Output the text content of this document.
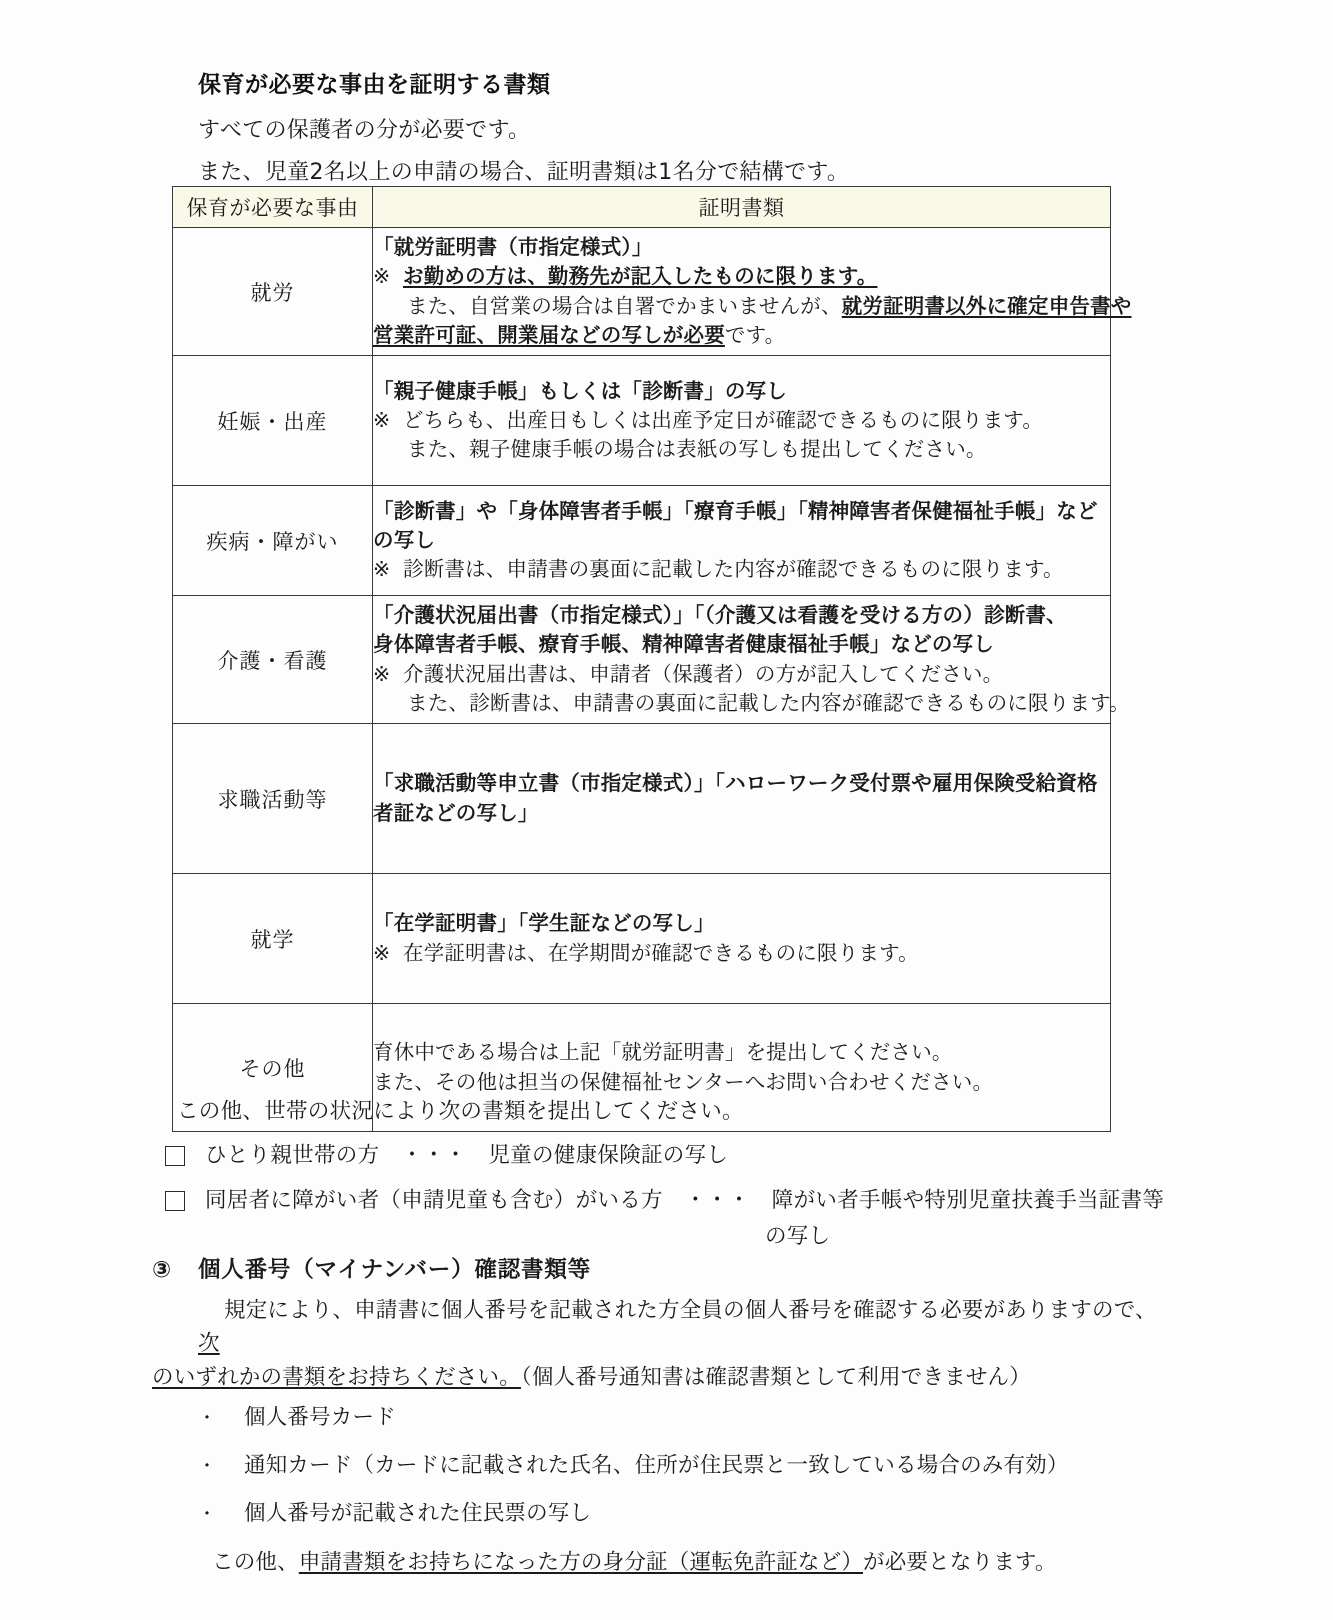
保育が必要な事由を証明する書類
すべての保護者の分が必要です。
また、児童2名以上の申請の場合、証明書類は1名分で結構です。
保育が必要な事由	証明書類
就労	「就労証明書（市指定様式）」
※ お勤めの方は、勤務先が記入したものに限ります。
また、自営業の場合は自署でかまいませんが、就労証明書以外に確定申告書や
営業許可証、開業届などの写しが必要です。

妊娠・出産	「親子健康手帳」もしくは「診断書」の写し
※ どちらも、出産日もしくは出産予定日が確認できるものに限ります。
また、親子健康手帳の場合は表紙の写しも提出してください。

疾病・障がい	「診断書」や「身体障害者手帳」「療育手帳」「精神障害者保健福祉手帳」など
の写し
※ 診断書は、申請書の裏面に記載した内容が確認できるものに限ります。

介護・看護	「介護状況届出書（市指定様式）」「（介護又は看護を受ける方の）診断書、
身体障害者手帳、療育手帳、精神障害者健康福祉手帳」などの写し
※ 介護状況届出書は、申請者（保護者）の方が記入してください。
また、診断書は、申請書の裏面に記載した内容が確認できるものに限ります。

求職活動等	「求職活動等申立書（市指定様式）」「ハローワーク受付票や雇用保険受給資格
者証などの写し」

就学	「在学証明書」「学生証などの写し」
※ 在学証明書は、在学期間が確認できるものに限ります。

その他	育休中である場合は上記「就労証明書」を提出してください。
また、その他は担当の保健福祉センターへお問い合わせください。

この他、世帯の状況により次の書類を提出してください。

ひとり親世帯の方　・・・　児童の健康保険証の写し
同居者に障がい者（申請児童も含む）がいる方　・・・　障がい者手帳や特別児童扶養手当証書等
の写し
③	個人番号（マイナンバー）確認書類等
規定により、申請書に個人番号を記載された方全員の個人番号を確認する必要がありますので、次
のいずれかの書類をお持ちください。（個人番号通知書は確認書類として利用できません）
・	個人番号カード
・	通知カード（カードに記載された氏名、住所が住民票と一致している場合のみ有効）
・	個人番号が記載された住民票の写し

この他、申請書類をお持ちになった方の身分証（運転免許証など）が必要となります。
